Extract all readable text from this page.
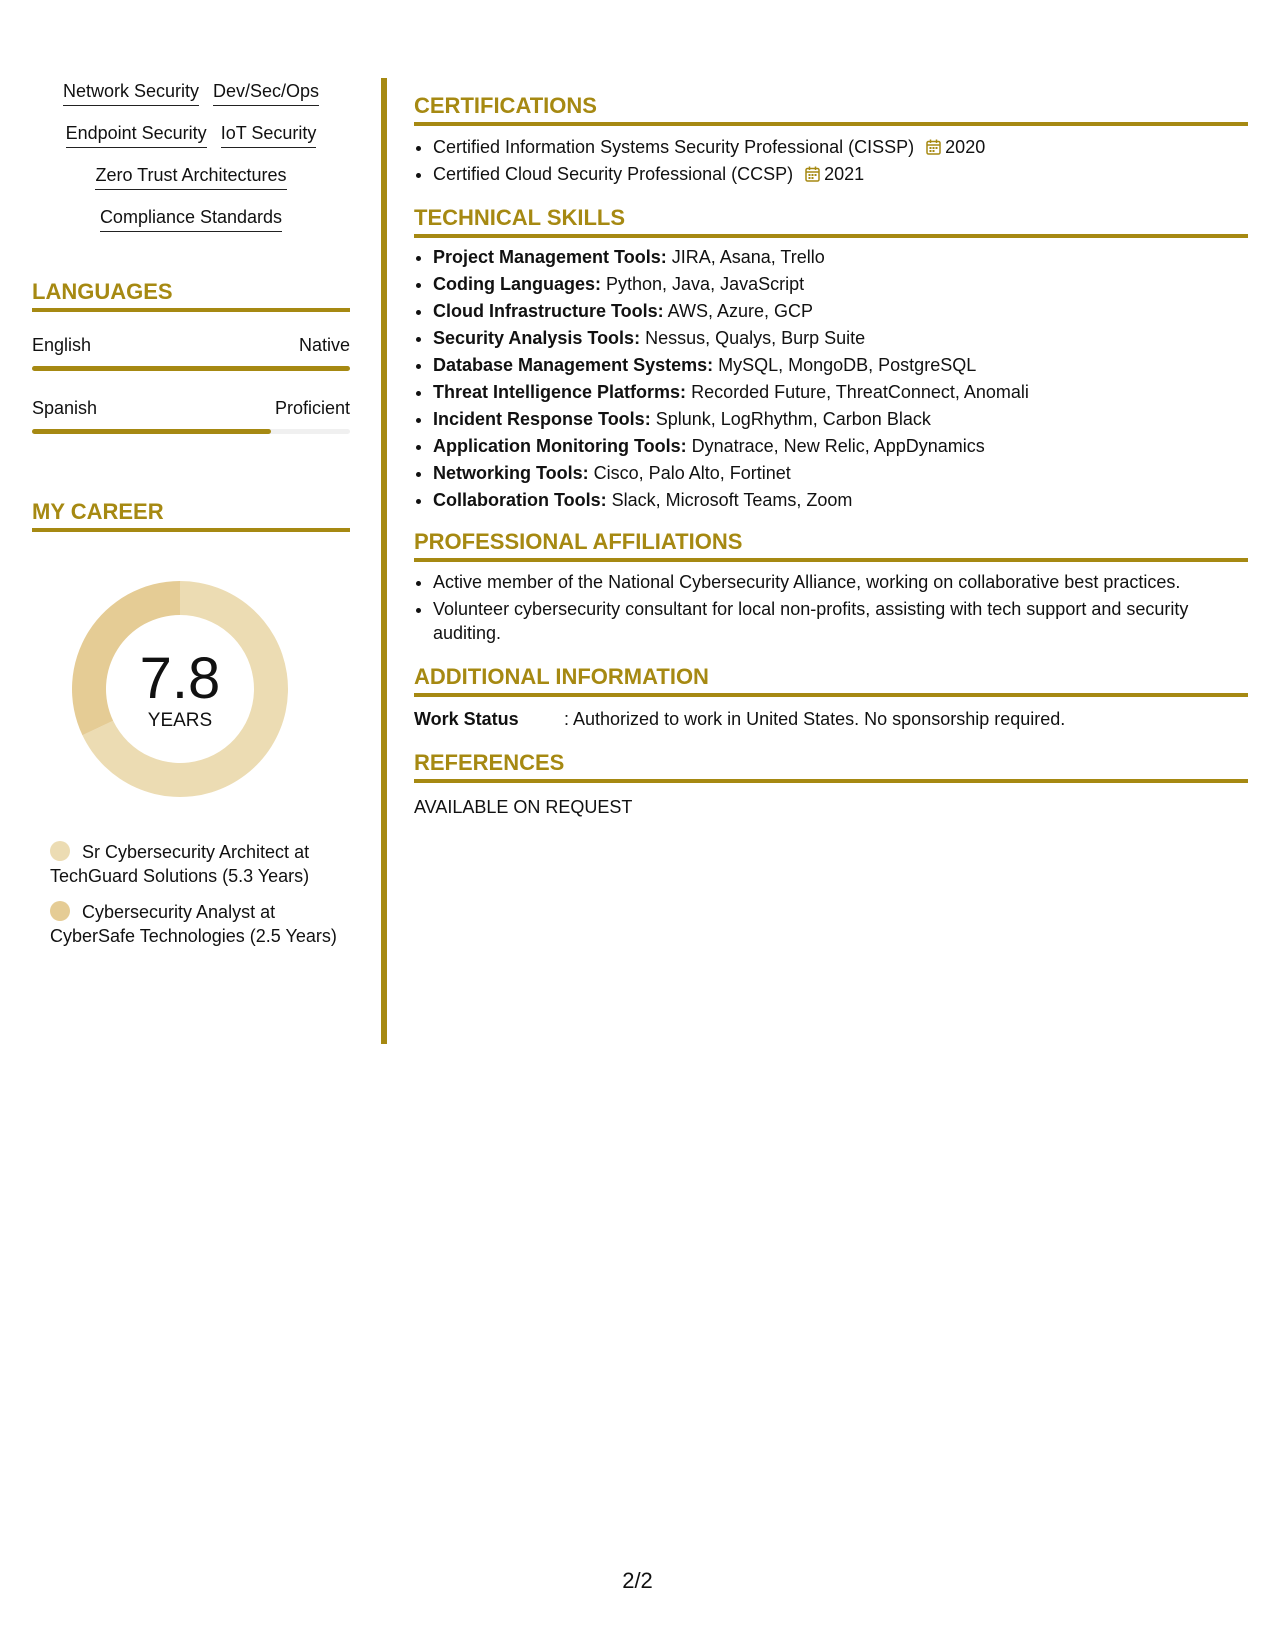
Network Security Dev/Sec/Ops
Endpoint Security IoT Security
Zero Trust Architectures
Compliance Standards
LANGUAGES
English	Native
Spanish	Proficient
MY CAREER
7.8
YEARS
Sr Cybersecurity Architect at TechGuard Solutions (5.3 Years)
Cybersecurity Analyst at CyberSafe Technologies (2.5 Years)
CERTIFICATIONS
• Certified Information Systems Security Professional (CISSP) 2020
• Certified Cloud Security Professional (CCSP) 2021
TECHNICAL SKILLS
• Project Management Tools: JIRA, Asana, Trello
• Coding Languages: Python, Java, JavaScript
• Cloud Infrastructure Tools: AWS, Azure, GCP
• Security Analysis Tools: Nessus, Qualys, Burp Suite
• Database Management Systems: MySQL, MongoDB, PostgreSQL
• Threat Intelligence Platforms: Recorded Future, ThreatConnect, Anomali
• Incident Response Tools: Splunk, LogRhythm, Carbon Black
• Application Monitoring Tools: Dynatrace, New Relic, AppDynamics
• Networking Tools: Cisco, Palo Alto, Fortinet
• Collaboration Tools: Slack, Microsoft Teams, Zoom
PROFESSIONAL AFFILIATIONS
• Active member of the National Cybersecurity Alliance, working on collaborative best practices.
• Volunteer cybersecurity consultant for local non-profits, assisting with tech support and security auditing.
ADDITIONAL INFORMATION
Work Status	: Authorized to work in United States. No sponsorship required.
REFERENCES
AVAILABLE ON REQUEST
2/2
